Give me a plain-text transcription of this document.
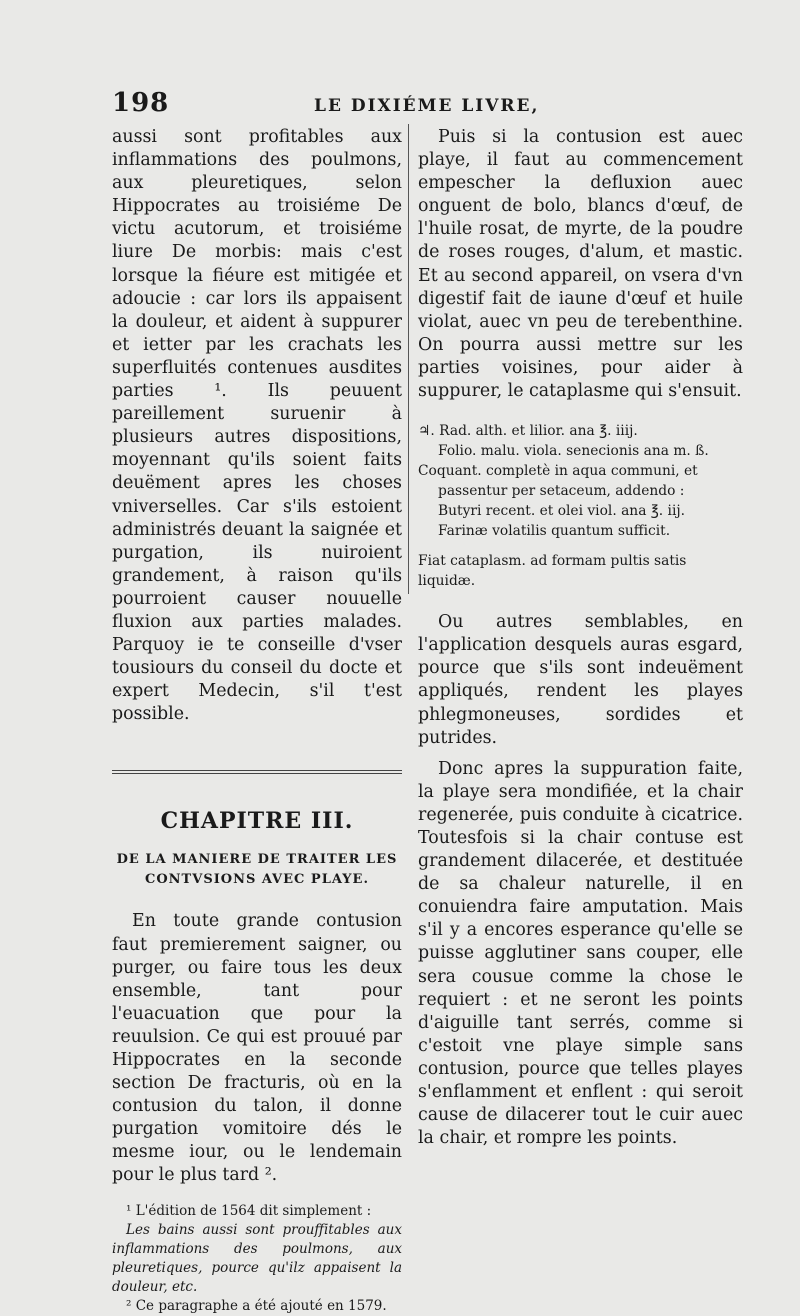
198	LE DIXIÉME LIVRE,

aussi sont profitables aux inflammations des poulmons, aux pleuretiques, selon Hippocrates au troisiéme De victu acutorum, et troisiéme liure De morbis: mais c'est lorsque la fiéure est mitigée et adoucie : car lors ils appaisent la douleur, et aident à suppurer et ietter par les crachats les superfluités contenues ausdites parties ¹. Ils peuuent pareillement suruenir à plusieurs autres dispositions, moyennant qu'ils soient faits deuëment apres les choses vniverselles. Car s'ils estoient administrés deuant la saignée et purgation, ils nuiroient grandement, à raison qu'ils pourroient causer nouuelle fluxion aux parties malades. Parquoy ie te conseille d'vser tousiours du conseil du docte et expert Medecin, s'il t'est possible.

CHAPITRE III.

DE LA MANIERE DE TRAITER LES CONTVSIONS AVEC PLAYE.

En toute grande contusion faut premierement saigner, ou purger, ou faire tous les deux ensemble, tant pour l'euacuation que pour la reuulsion. Ce qui est prouué par Hippocrates en la seconde section De fracturis, où en la contusion du talon, il donne purgation vomitoire dés le mesme iour, ou le lendemain pour le plus tard ².

¹ L'édition de 1564 dit simplement :

Les bains aussi sont prouffitables aux inflammations des poulmons, aux pleuretiques, pource qu'ilz appaisent la douleur, etc.

² Ce paragraphe a été ajouté en 1579.

Puis si la contusion est auec playe, il faut au commencement empescher la defluxion auec onguent de bolo, blancs d'œuf, de l'huile rosat, de myrte, de la poudre de roses rouges, d'alum, et mastic. Et au second appareil, on vsera d'vn digestif fait de iaune d'œuf et huile violat, auec vn peu de terebenthine. On pourra aussi mettre sur les parties voisines, pour aider à suppurer, le cataplasme qui s'ensuit.

♃. Rad. alth. et lilior. ana ℥. iiij.

Folio. malu. viola. senecionis ana m. ß.

Coquant. completè in aqua communi, et

passentur per setaceum, addendo :

Butyri recent. et olei viol. ana ℥. iij.

Farinæ volatilis quantum sufficit.

Fiat cataplasm. ad formam pultis satis liquidæ.

Ou autres semblables, en l'application desquels auras esgard, pource que s'ils sont indeuëment appliqués, rendent les playes phlegmoneuses, sordides et putrides.

Donc apres la suppuration faite, la playe sera mondifiée, et la chair regenerée, puis conduite à cicatrice. Toutesfois si la chair contuse est grandement dilacerée, et destituée de sa chaleur naturelle, il en conuiendra faire amputation. Mais s'il y a encores esperance qu'elle se puisse agglutiner sans couper, elle sera cousue comme la chose le requiert : et ne seront les points d'aiguille tant serrés, comme si c'estoit vne playe simple sans contusion, pource que telles playes s'enflamment et enflent : qui seroit cause de dilacerer tout le cuir auec la chair, et rompre les points.
